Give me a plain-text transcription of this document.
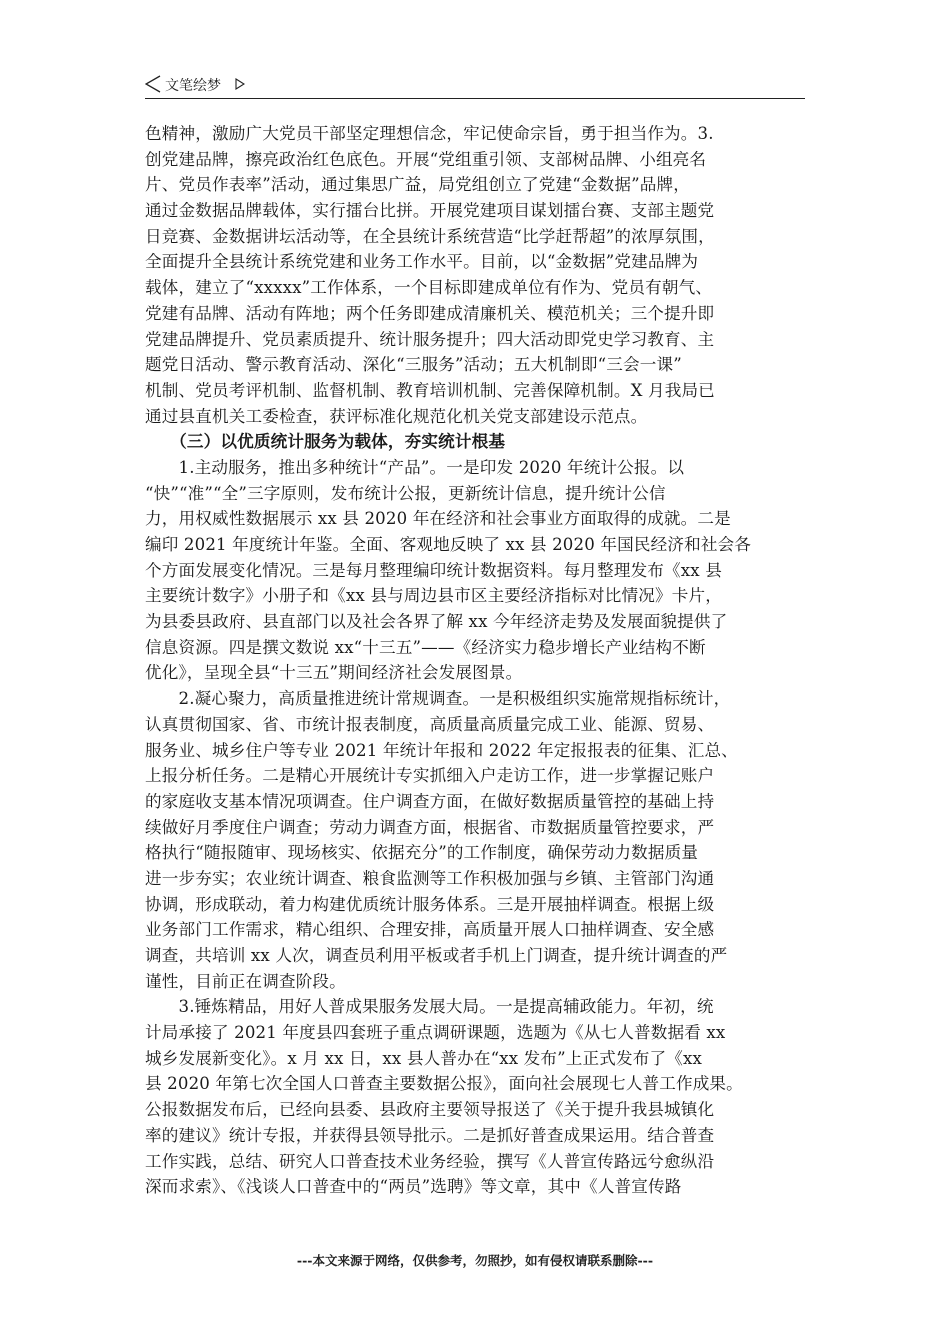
文笔绘梦
色精神，激励广大党员干部坚定理想信念，牢记使命宗旨，勇于担当作为。3.
创党建品牌，擦亮政治红色底色。开展“党组重引领、支部树品牌、小组亮名
片、党员作表率”活动，通过集思广益，局党组创立了党建“金数据”品牌，
通过金数据品牌载体，实行擂台比拼。开展党建项目谋划擂台赛、支部主题党
日竞赛、金数据讲坛活动等，在全县统计系统营造“比学赶帮超”的浓厚氛围，
全面提升全县统计系统党建和业务工作水平。目前，以“金数据”党建品牌为
载体，建立了“xxxxx”工作体系，一个目标即建成单位有作为、党员有朝气、
党建有品牌、活动有阵地；两个任务即建成清廉机关、模范机关；三个提升即
党建品牌提升、党员素质提升、统计服务提升；四大活动即党史学习教育、主
题党日活动、警示教育活动、深化“三服务”活动；五大机制即“三会一课”
机制、党员考评机制、监督机制、教育培训机制、完善保障机制。X 月我局已
通过县直机关工委检查，获评标准化规范化机关党支部建设示范点。
　　（三）以优质统计服务为载体，夯实统计根基
　　1.主动服务，推出多种统计“产品”。一是印发 2020 年统计公报。以
“快”“准”“全”三字原则，发布统计公报，更新统计信息，提升统计公信
力，用权威性数据展示 xx 县 2020 年在经济和社会事业方面取得的成就。二是
编印 2021 年度统计年鉴。全面、客观地反映了 xx 县 2020 年国民经济和社会各
个方面发展变化情况。三是每月整理编印统计数据资料。每月整理发布《xx 县
主要统计数字》小册子和《xx 县与周边县市区主要经济指标对比情况》卡片，
为县委县政府、县直部门以及社会各界了解 xx 今年经济走势及发展面貌提供了
信息资源。四是撰文数说 xx“十三五”——《经济实力稳步增长产业结构不断
优化》，呈现全县“十三五”期间经济社会发展图景。
　　2.凝心聚力，高质量推进统计常规调查。一是积极组织实施常规指标统计，
认真贯彻国家、省、市统计报表制度，高质量高质量完成工业、能源、贸易、
服务业、城乡住户等专业 2021 年统计年报和 2022 年定报报表的征集、汇总、
上报分析任务。二是精心开展统计专实抓细入户走访工作，进一步掌握记账户
的家庭收支基本情况项调查。住户调查方面，在做好数据质量管控的基础上持
续做好月季度住户调查；劳动力调查方面，根据省、市数据质量管控要求，严
格执行“随报随审、现场核实、依据充分”的工作制度，确保劳动力数据质量
进一步夯实；农业统计调查、粮食监测等工作积极加强与乡镇、主管部门沟通
协调，形成联动，着力构建优质统计服务体系。三是开展抽样调查。根据上级
业务部门工作需求，精心组织、合理安排，高质量开展人口抽样调查、安全感
调查，共培训 xx 人次，调查员利用平板或者手机上门调查，提升统计调查的严
谨性，目前正在调查阶段。
　　3.锤炼精品，用好人普成果服务发展大局。一是提高辅政能力。年初，统
计局承接了 2021 年度县四套班子重点调研课题，选题为《从七人普数据看 xx
城乡发展新变化》。x 月 xx 日，xx 县人普办在“xx 发布”上正式发布了《xx
县 2020 年第七次全国人口普查主要数据公报》，面向社会展现七人普工作成果。
公报数据发布后，已经向县委、县政府主要领导报送了《关于提升我县城镇化
率的建议》统计专报，并获得县领导批示。二是抓好普查成果运用。结合普查
工作实践，总结、研究人口普查技术业务经验，撰写《人普宣传路远兮愈纵沿
深而求索》、《浅谈人口普查中的“两员”选聘》等文章，其中《人普宣传路
---本文来源于网络，仅供参考，勿照抄，如有侵权请联系删除---
